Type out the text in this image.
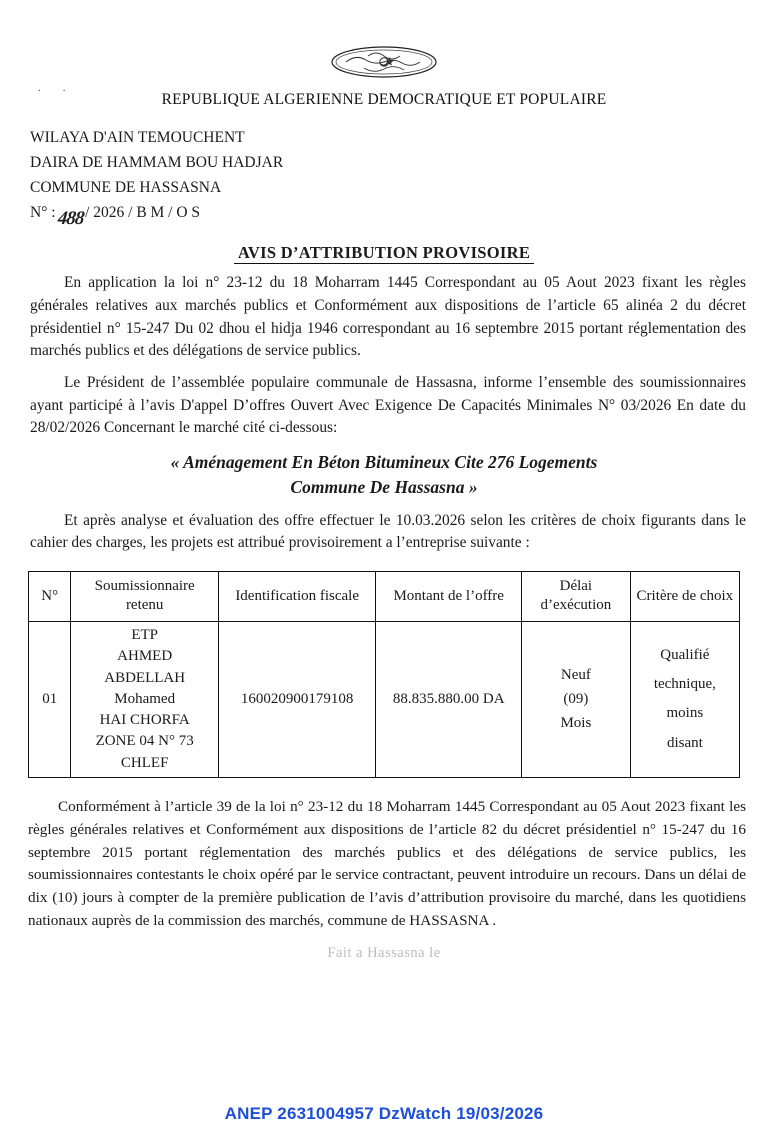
..
REPUBLIQUE ALGERIENNE DEMOCRATIQUE ET POPULAIRE
WILAYA D'AIN TEMOUCHENT
DAIRA DE HAMMAM BOU HADJAR
COMMUNE DE HASSASNA
N° : 488 / 2026 / B M / O S
AVIS D’ATTRIBUTION PROVISOIRE

En application la loi n° 23-12 du 18 Moharram 1445 Correspondant au 05 Aout 2023 fixant les règles générales relatives aux marchés publics et Conformément aux dispositions de l’article 65 alinéa 2 du décret présidentiel n° 15-247 Du 02 dhou el hidja 1946 correspondant au 16 septembre 2015 portant réglementation des marchés publics et des délégations de service publics.

Le Président de l’assemblée populaire communale de Hassasna, informe l’ensemble des soumissionnaires ayant participé à l’avis D'appel D’offres Ouvert Avec Exigence De Capacités Minimales N° 03/2026 En date du 28/02/2026 Concernant le marché cité ci-dessous:

« Aménagement En Béton Bitumineux Cite 276 Logements
Commune De Hassasna »

Et après analyse et évaluation des offre effectuer le 10.03.2026 selon les critères de choix figurants dans le cahier des charges, les projets est attribué provisoirement a l’entreprise suivante :

N°	Soumissionnaire retenu	Identification fiscale	Montant de l’offre	Délai d’exécution	Critère de choix
01	ETP
AHMED
ABDELLAH
Mohamed
HAI CHORFA
ZONE 04 N° 73
CHLEF	160020900179108	88.835.880.00 DA	Neuf
(09)
Mois	Qualifié
technique,
moins
disant

Conformément à l’article 39 de la loi n° 23-12 du 18 Moharram 1445 Correspondant au 05 Aout 2023 fixant les règles générales relatives et Conformément aux dispositions de l’article 82 du décret présidentiel n° 15-247 du 16 septembre 2015 portant réglementation des marchés publics et des délégations de service publics, les soumissionnaires contestants le choix opéré par le service contractant, peuvent introduire un recours. Dans un délai de dix (10) jours à compter de la première publication de l’avis d’attribution provisoire du marché, dans les quotidiens nationaux auprès de la commission des marchés, commune de HASSASNA .

Fait a Hassasna le
ANEP 2631004957 DzWatch 19/03/2026
